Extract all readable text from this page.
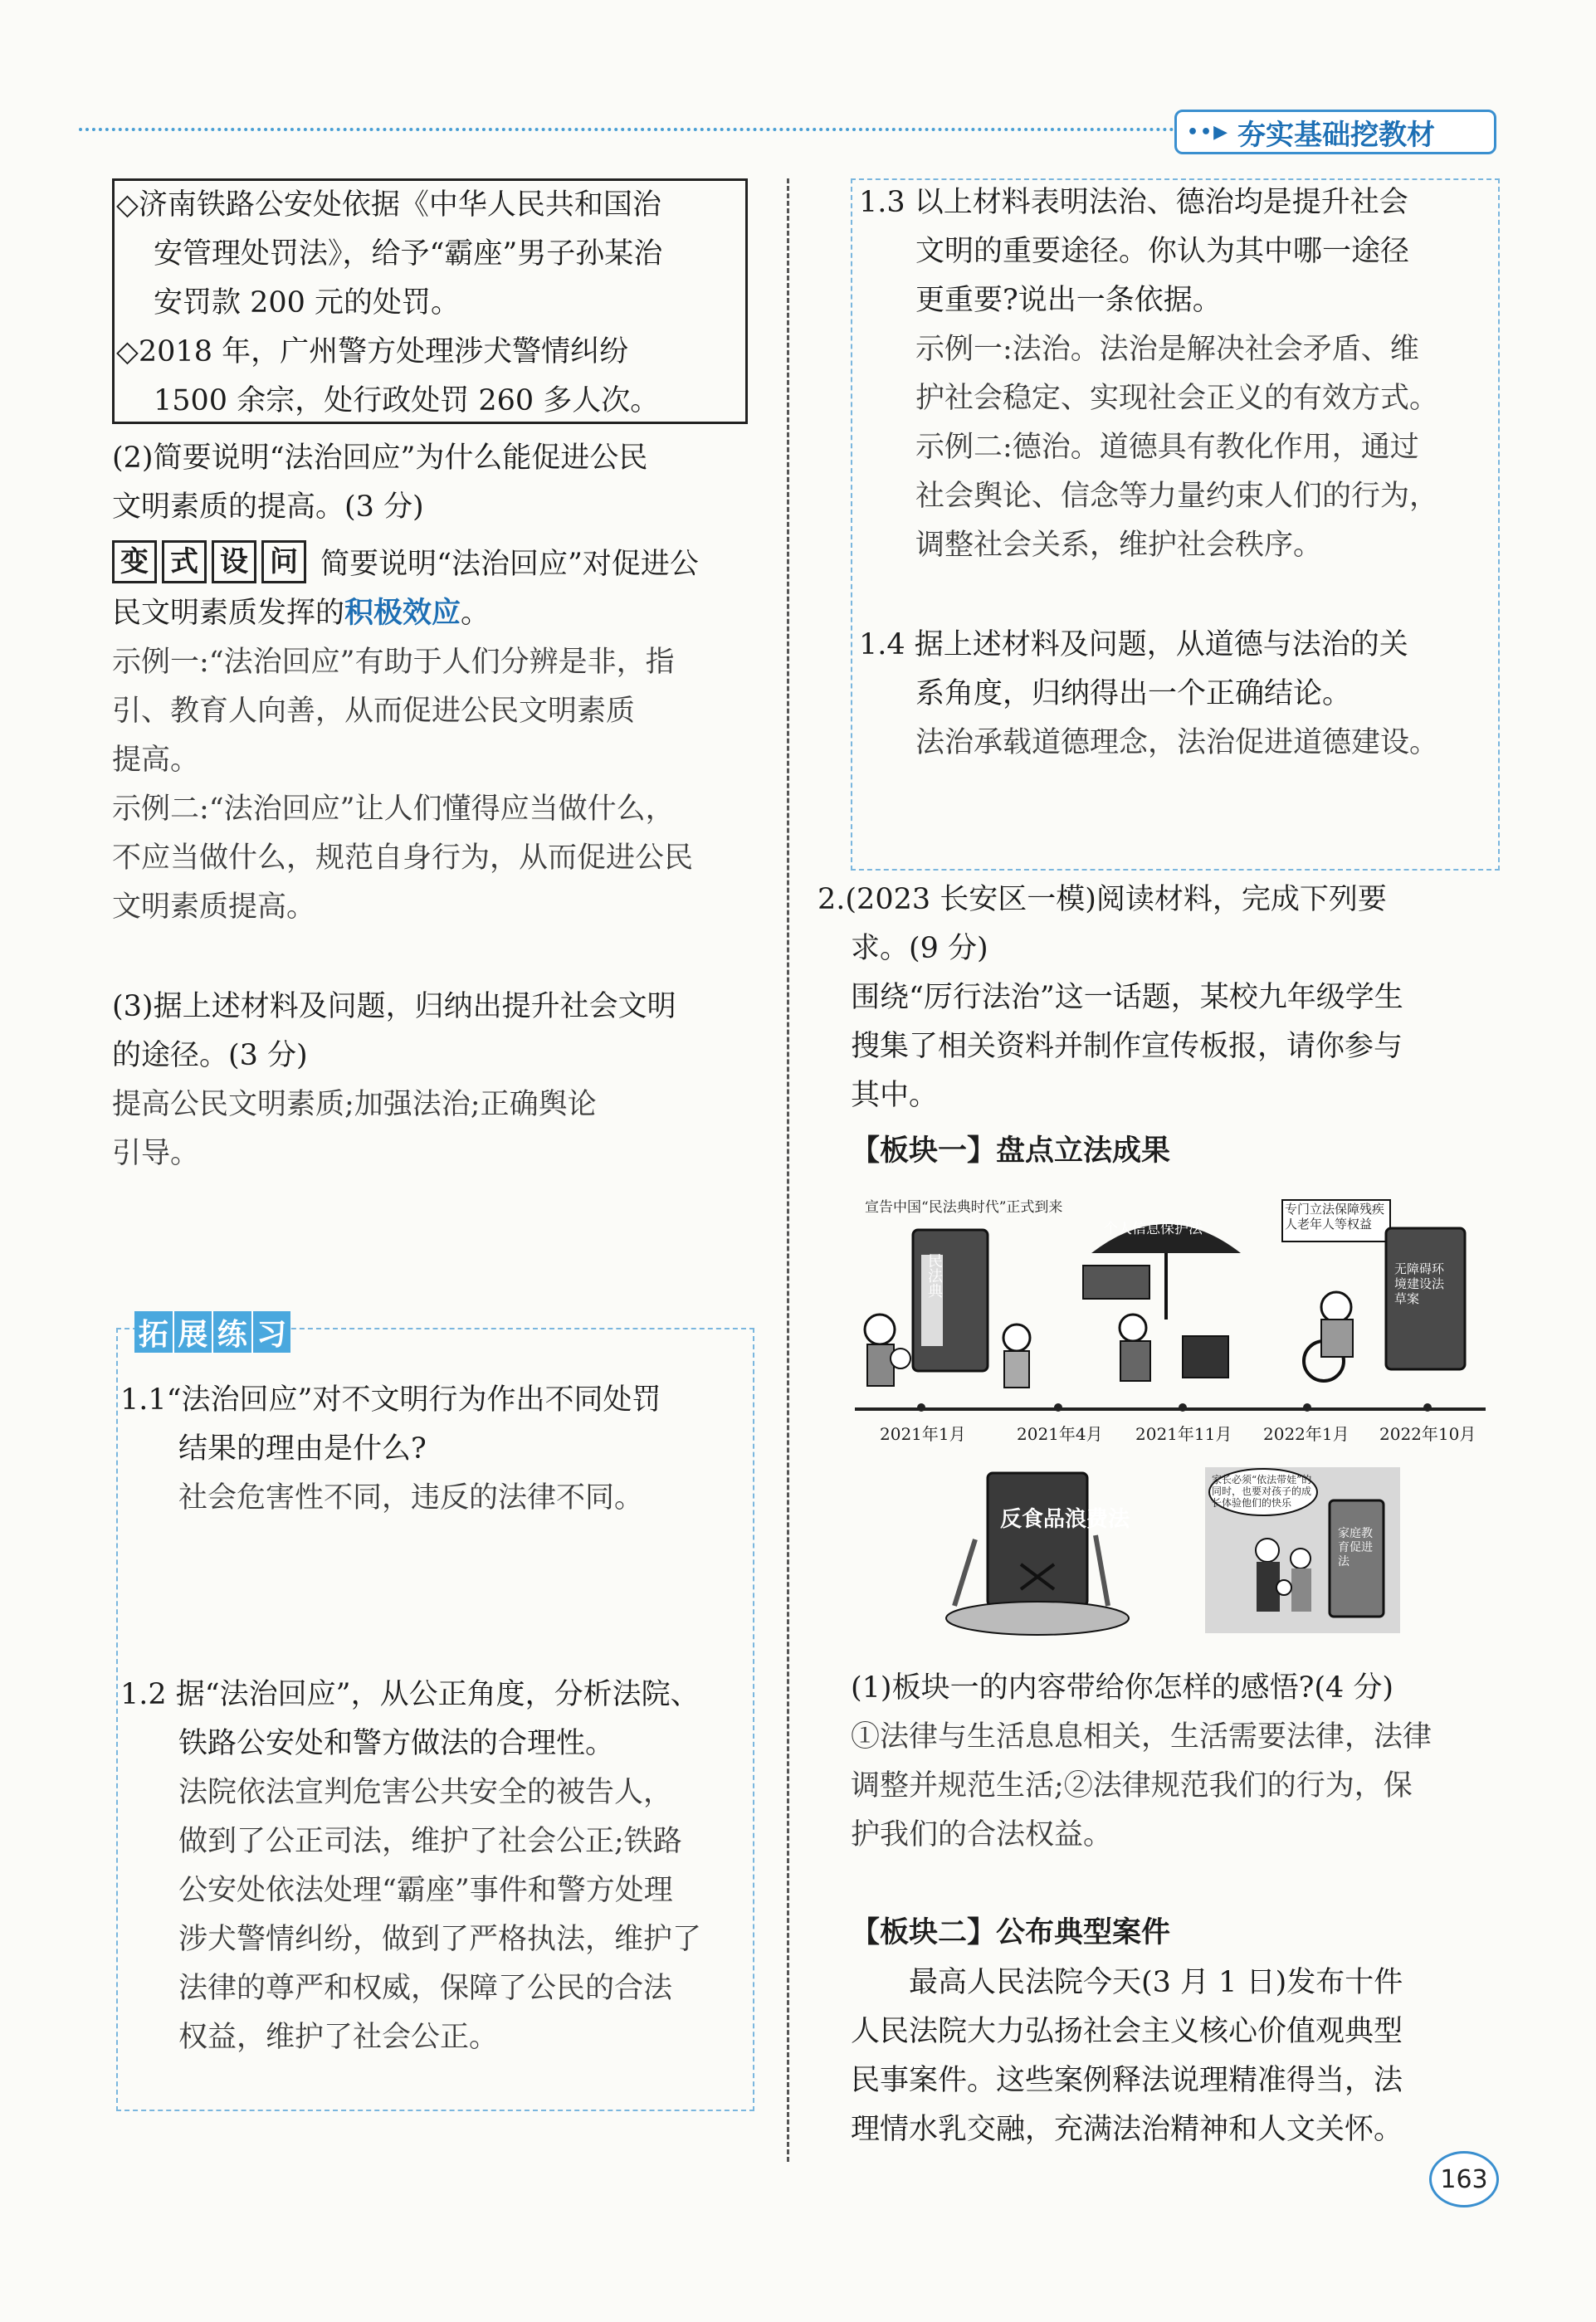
••▶ 夯实基础挖教材
◇济南铁路公安处依据《中华人民共和国治
安管理处罚法》，给予“霸座”男子孙某治
安罚款 200 元的处罚。
◇2018 年，广州警方处理涉犬警情纠纷
1500 余宗，处行政处罚 260 多人次。
(2)简要说明“法治回应”为什么能促进公民
文明素质的提高。(3 分)
变 式 设 问 简要说明“法治回应”对促进公
民文明素质发挥的积极效应。
示例一:“法治回应”有助于人们分辨是非，指
引、教育人向善，从而促进公民文明素质
提高。
示例二:“法治回应”让人们懂得应当做什么，
不应当做什么，规范自身行为，从而促进公民
文明素质提高。
(3)据上述材料及问题，归纳出提升社会文明
的途径。(3 分)
提高公民文明素质;加强法治;正确舆论
引导。
拓 展 练 习
1.1“法治回应”对不文明行为作出不同处罚
结果的理由是什么?
社会危害性不同，违反的法律不同。
1.2 据“法治回应”，从公正角度，分析法院、
铁路公安处和警方做法的合理性。
法院依法宣判危害公共安全的被告人，
做到了公正司法，维护了社会公正;铁路
公安处依法处理“霸座”事件和警方处理
涉犬警情纠纷，做到了严格执法，维护了
法律的尊严和权威，保障了公民的合法
权益，维护了社会公正。
1.3 以上材料表明法治、德治均是提升社会
文明的重要途径。你认为其中哪一途径
更重要?说出一条依据。
示例一:法治。法治是解决社会矛盾、维
护社会稳定、实现社会正义的有效方式。
示例二:德治。道德具有教化作用，通过
社会舆论、信念等力量约束人们的行为，
调整社会关系，维护社会秩序。
1.4 据上述材料及问题，从道德与法治的关
系角度，归纳得出一个正确结论。
法治承载道德理念，法治促进道德建设。
2.(2023 长安区一模)阅读材料，完成下列要
求。(9 分)
围绕“厉行法治”这一话题，某校九年级学生
搜集了相关资料并制作宣传板报，请你参与
其中。
【板块一】盘点立法成果
宣告中国“民法典时代”正式到来
民法典
个人信息保护法
专门立法保障残疾人老年人等权益
无障碍环境建设法草案
2021年1月	2021年4月 2021年11月 2022年1月 2022年10月
反食品浪费法
家长必须“依法带娃”的同时，也要对孩子的成长体验他们的快乐
家庭教育促进法
(1)板块一的内容带给你怎样的感悟?(4 分)
①法律与生活息息相关，生活需要法律，法律
调整并规范生活;②法律规范我们的行为，保
护我们的合法权益。
【板块二】公布典型案件
最高人民法院今天(3 月 1 日)发布十件
人民法院大力弘扬社会主义核心价值观典型
民事案件。这些案例释法说理精准得当，法
理情水乳交融，充满法治精神和人文关怀。
163
